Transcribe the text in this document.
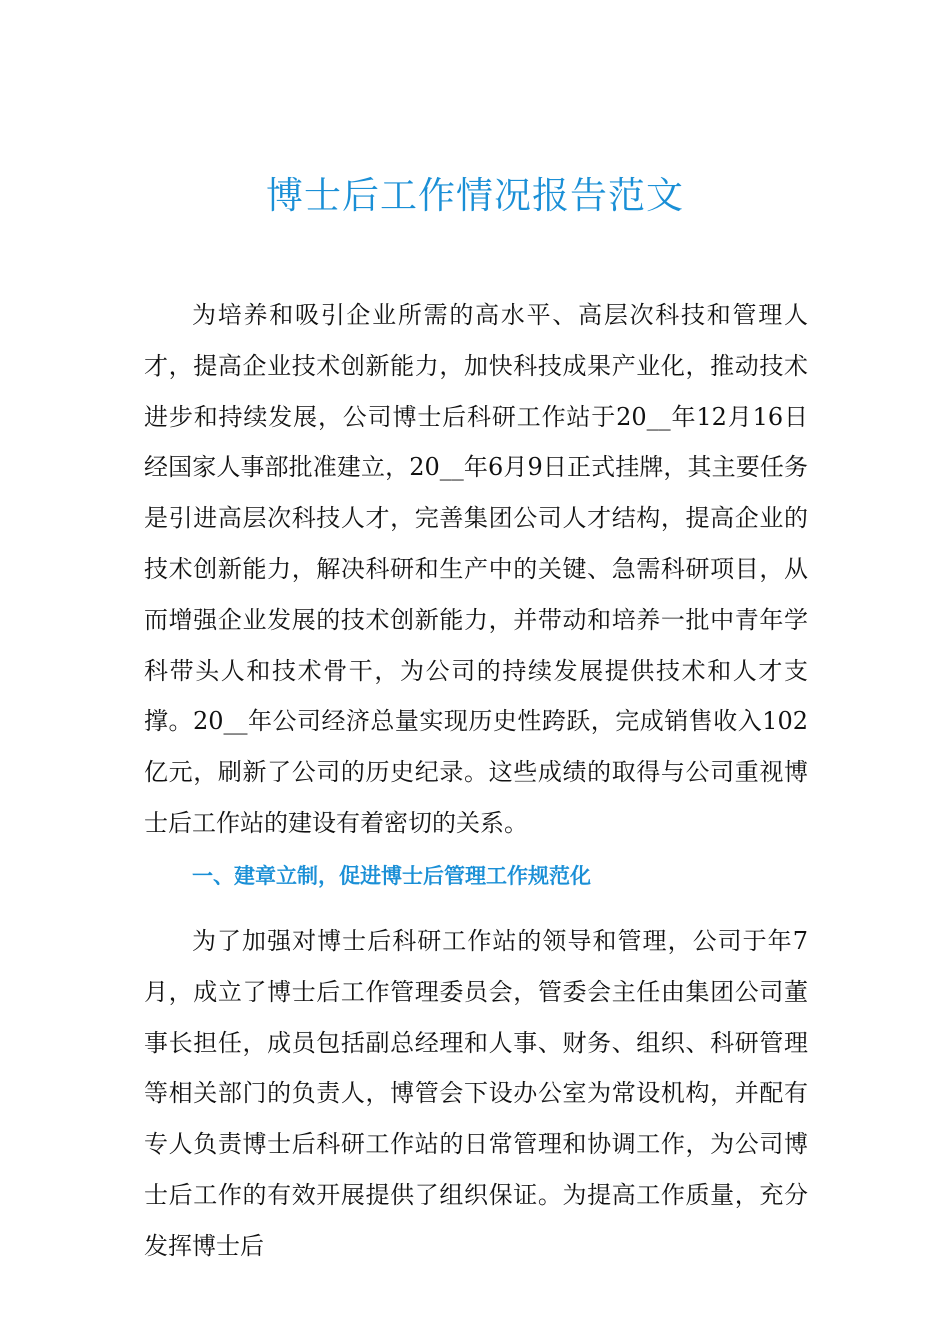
博士后工作情况报告范文

为培养和吸引企业所需的高水平、高层次科技和管理人才，提高企业技术创新能力，加快科技成果产业化，推动技术进步和持续发展，公司博士后科研工作站于20__年12月16日经国家人事部批准建立，20__年6月9日正式挂牌，其主要任务是引进高层次科技人才，完善集团公司人才结构，提高企业的技术创新能力，解决科研和生产中的关键、急需科研项目，从而增强企业发展的技术创新能力，并带动和培养一批中青年学科带头人和技术骨干，为公司的持续发展提供技术和人才支撑。20__年公司经济总量实现历史性跨跃，完成销售收入102亿元，刷新了公司的历史纪录。这些成绩的取得与公司重视博士后工作站的建设有着密切的关系。

一、建章立制，促进博士后管理工作规范化

为了加强对博士后科研工作站的领导和管理，公司于年7月，成立了博士后工作管理委员会，管委会主任由集团公司董事长担任，成员包括副总经理和人事、财务、组织、科研管理等相关部门的负责人，博管会下设办公室为常设机构，并配有专人负责博士后科研工作站的日常管理和协调工作，为公司博士后工作的有效开展提供了组织保证。为提高工作质量，充分发挥博士后
